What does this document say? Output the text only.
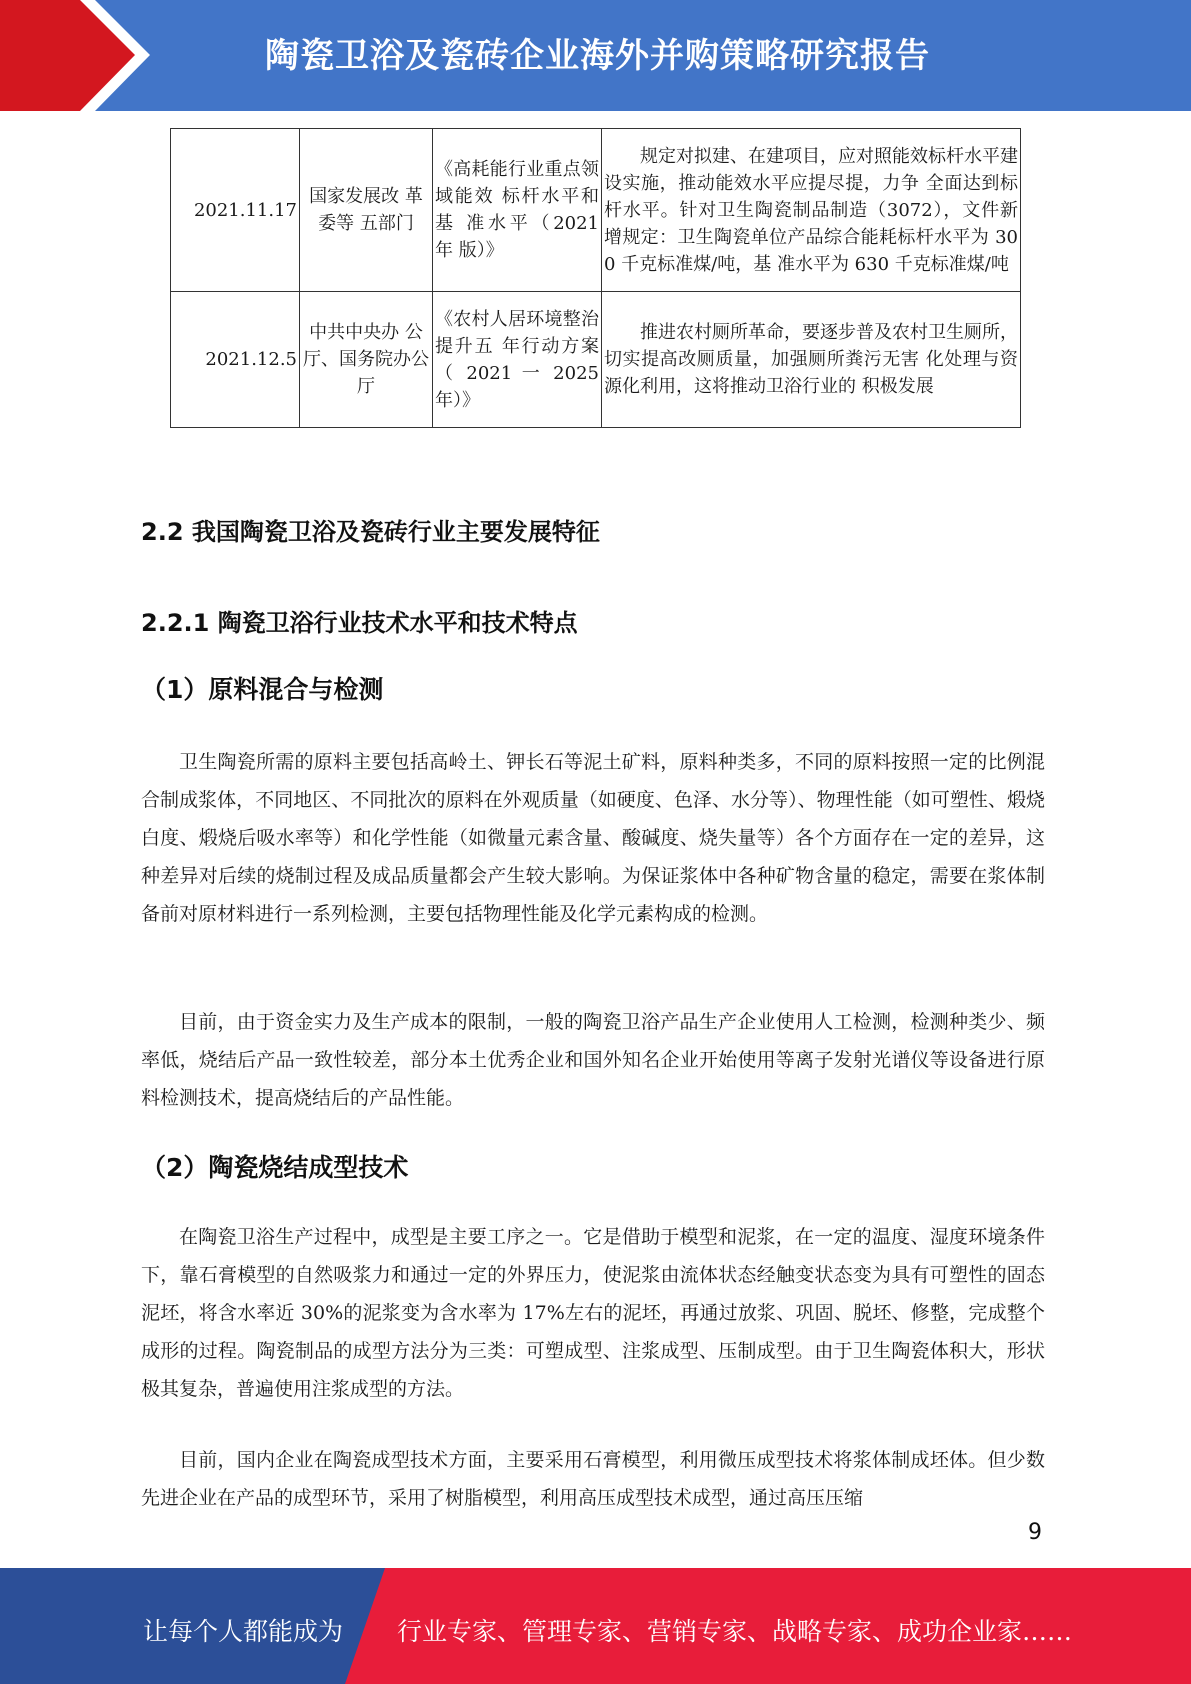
陶瓷卫浴及瓷砖企业海外并购策略研究报告
2021.11.17	国家发展改 革委等 五部门	《高耗能行业重点领域能效 标杆水平和基 准水平（2021 年 版）》	规定对拟建、在建项目，应对照能效标杆水平建设实施，推动能效水平应提尽提，力争 全面达到标杆水平。针对卫生陶瓷制品制造（3072），文件新增规定：卫生陶瓷单位产品综合能耗标杆水平为 300 千克标准煤/吨，基 准水平为 630 千克标准煤/吨
2021.12.5	中共中央办 公厅、国务院办公厅	《农村人居环境整治提升五 年行动方案（ 2021 一 2025 年）》	推进农村厕所革命，要逐步普及农村卫生厕所，切实提高改厕质量，加强厕所粪污无害 化处理与资源化利用，这将推动卫浴行业的 积极发展
2.2 我国陶瓷卫浴及瓷砖行业主要发展特征
2.2.1 陶瓷卫浴行业技术水平和技术特点
（1）原料混合与检测

卫生陶瓷所需的原料主要包括高岭土、钾长石等泥土矿料，原料种类多，不同的原料按照一定的比例混合制成浆体，不同地区、不同批次的原料在外观质量（如硬度、色泽、水分等）、物理性能（如可塑性、煅烧白度、煅烧后吸水率等）和化学性能（如微量元素含量、酸碱度、烧失量等）各个方面存在一定的差异，这种差异对后续的烧制过程及成品质量都会产生较大影响。为保证浆体中各种矿物含量的稳定，需要在浆体制备前对原材料进行一系列检测，主要包括物理性能及化学元素构成的检测。

目前，由于资金实力及生产成本的限制，一般的陶瓷卫浴产品生产企业使用人工检测，检测种类少、频率低，烧结后产品一致性较差，部分本土优秀企业和国外知名企业开始使用等离子发射光谱仪等设备进行原料检测技术，提高烧结后的产品性能。

（2）陶瓷烧结成型技术

在陶瓷卫浴生产过程中，成型是主要工序之一。它是借助于模型和泥浆，在一定的温度、湿度环境条件下，靠石膏模型的自然吸浆力和通过一定的外界压力，使泥浆由流体状态经触变状态变为具有可塑性的固态泥坯，将含水率近 30%的泥浆变为含水率为 17%左右的泥坯，再通过放浆、巩固、脱坯、修整，完成整个成形的过程。陶瓷制品的成型方法分为三类：可塑成型、注浆成型、压制成型。由于卫生陶瓷体积大，形状极其复杂，普遍使用注浆成型的方法。

目前，国内企业在陶瓷成型技术方面，主要采用石膏模型，利用微压成型技术将浆体制成坯体。但少数先进企业在产品的成型环节，采用了树脂模型，利用高压成型技术成型，通过高压压缩

9
让每个人都能成为 行业专家、管理专家、营销专家、战略专家、成功企业家……
